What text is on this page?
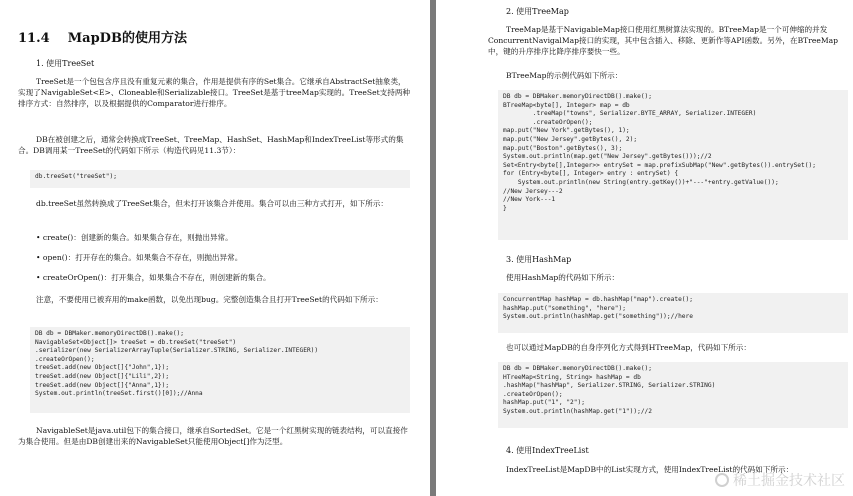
11.4 MapDB的使用方法
1. 使用TreeSet
TreeSet是一个包包含序且没有重复元素的集合，作用是提供有序的Set集合。它继承自AbstractSet抽象类，实现了NavigableSet<E>、Cloneable和Serializable接口。TreeSet是基于treeMap实现的。TreeSet支持两种排序方式：自然排序，以及根据提供的Comparator进行排序。
DB在被创建之后，通常会转换成TreeSet、TreeMap、HashSet、HashMap和IndexTreeList等形式的集合。DB调用某一TreeSet的代码如下所示（构造代码见11.3节）：
db.treeSet("treeSet");
db.treeSet虽然转换成了TreeSet集合，但未打开该集合并使用。集合可以由三种方式打开，如下所示：
• create()：创建新的集合。如果集合存在，则抛出异常。
• open()：打开存在的集合。如果集合不存在，则抛出异常。
• createOrOpen()：打开集合，如果集合不存在，则创建新的集合。
注意，不要使用已被弃用的make函数，以免出现bug。完整创造集合且打开TreeSet的代码如下所示：
DB db = DBMaker.memoryDirectDB().make();
NavigableSet<Object[]> treeSet = db.treeSet("treeSet")
.serializer(new SerializerArrayTuple(Serializer.STRING, Serializer.INTEGER))
.createOrOpen();
treeSet.add(new Object[]{"John",1});
treeSet.add(new Object[]{"Lili",2});
treeSet.add(new Object[]{"Anna",1});
System.out.println(treeSet.first()[0]);//Anna
NavigableSet是java.util包下的集合接口，继承自SortedSet。它是一个红黑树实现的链表结构，可以直接作为集合使用。但是由DB创建出来的NavigableSet只能使用Object[]作为泛型。
2. 使用TreeMap
TreeMap是基于NavigableMap接口使用红黑树算法实现的。BTreeMap是一个可伸缩的并发ConcurrentNavigalMap接口的实现，其中包含插入、移除、更新作等API函数。另外，在BTreeMap中，键的升序排序比降序排序要快一些。
BTreeMap的示例代码如下所示：
DB db = DBMaker.memoryDirectDB().make();
BTreeMap<byte[], Integer> map = db
.treeMap("towns", Serializer.BYTE_ARRAY, Serializer.INTEGER)
.createOrOpen();
map.put("New York".getBytes(), 1);
map.put("New Jersey".getBytes(), 2);
map.put("Boston".getBytes(), 3);
System.out.println(map.get("New Jersey".getBytes()));//2
Set<Entry<byte[],Integer>> entrySet = map.prefixSubMap("New".getBytes()).entrySet();
for (Entry<byte[], Integer> entry : entrySet) {
System.out.println(new String(entry.getKey())+"---"+entry.getValue());
//New Jersey---2
//New York---1
}
3. 使用HashMap
使用HashMap的代码如下所示：
ConcurrentMap hashMap = db.hashMap("map").create();
hashMap.put("something", "here");
System.out.println(hashMap.get("something"));//here
也可以通过MapDB的自身序列化方式得到HTreeMap，代码如下所示：
DB db = DBMaker.memoryDirectDB().make();
HTreeMap<String, String> hashMap = db
.hashMap("hashMap", Serializer.STRING, Serializer.STRING)
.createOrOpen();
hashMap.put("1", "2");
System.out.println(hashMap.get("1"));//2
4. 使用IndexTreeList
IndexTreeList是MapDB中的List实现方式，使用IndexTreeList的代码如下所示：
稀土掘金技术社区
